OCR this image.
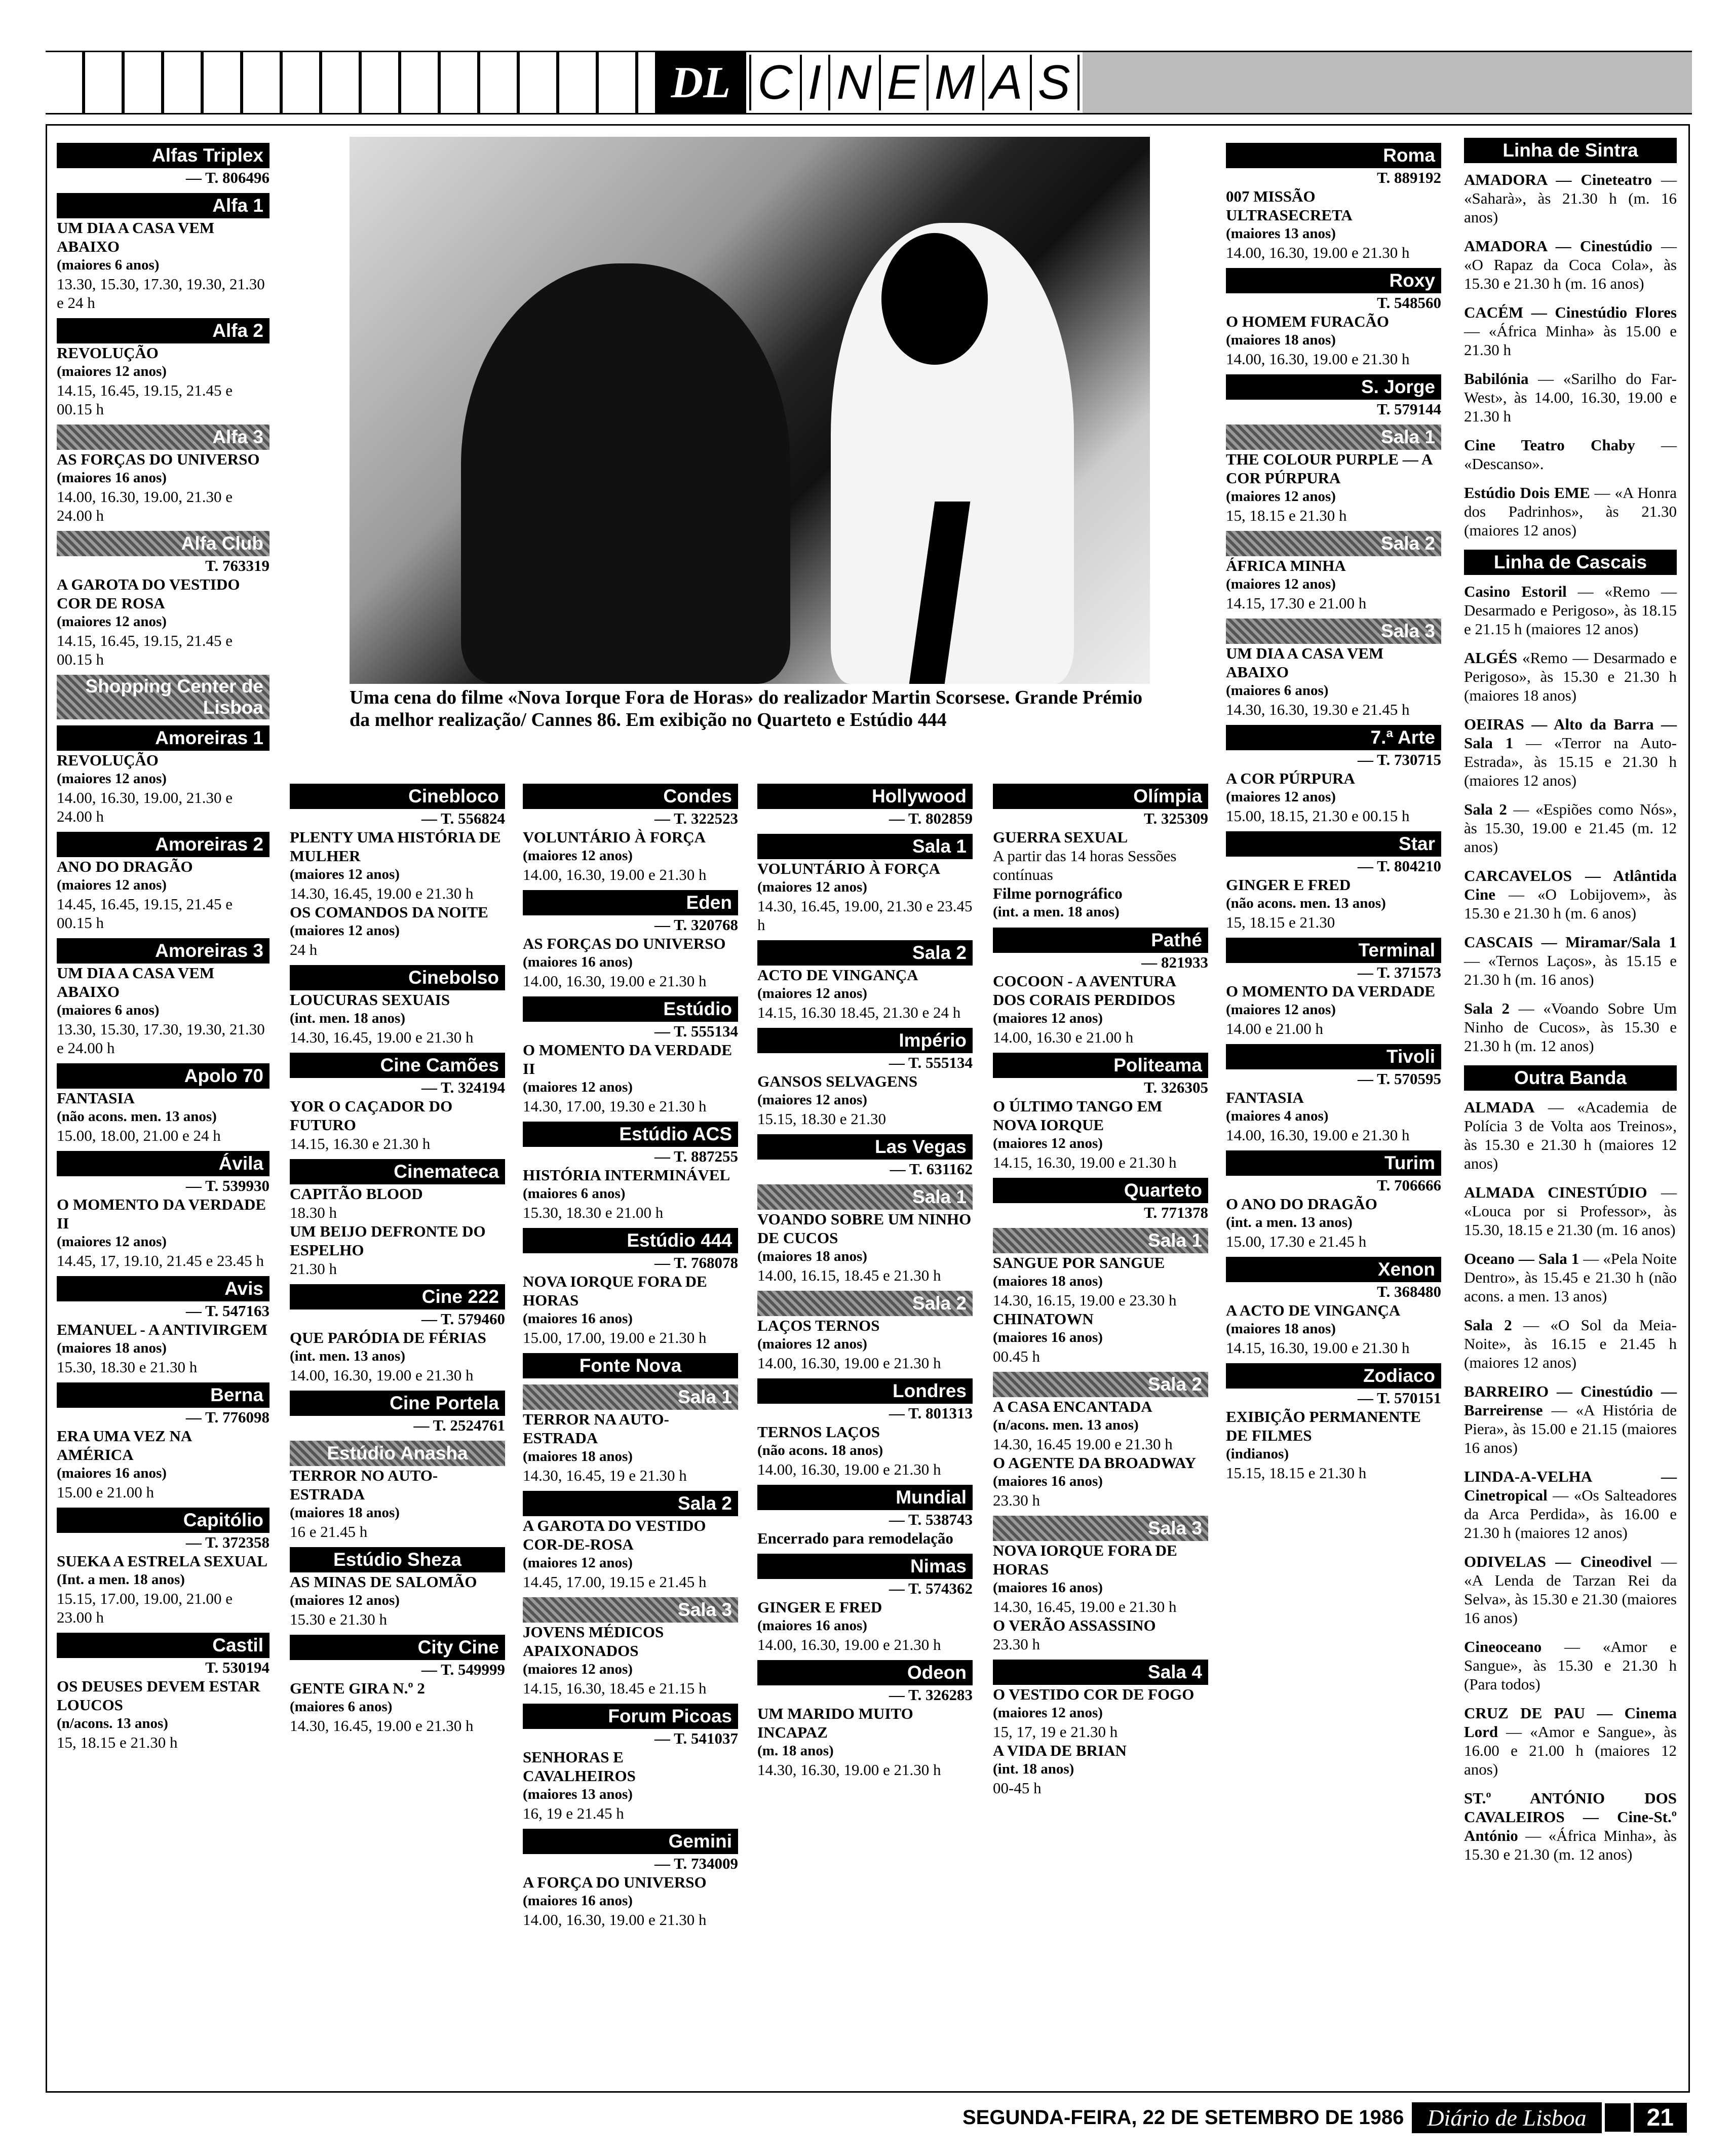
DL C I N E M A S
Uma cena do filme «Nova Iorque Fora de Horas» do realizador Martin Scorsese. Grande Prémio da melhor realização/ Cannes 86. Em exibição no Quarteto e Estúdio 444
Alfas Triplex
— T. 806496
Alfa 1
UM DIA A CASA VEM ABAIXO
(maiores 6 anos)
13.30, 15.30, 17.30, 19.30, 21.30 e 24 h
Alfa 2
REVOLUÇÃO
(maiores 12 anos)
14.15, 16.45, 19.15, 21.45 e 00.15 h
Alfa 3
AS FORÇAS DO UNIVERSO
(maiores 16 anos)
14.00, 16.30, 19.00, 21.30 e 24.00 h
Alfa Club
T. 763319
A GAROTA DO VESTIDO COR DE ROSA
(maiores 12 anos)
14.15, 16.45, 19.15, 21.45 e 00.15 h
Shopping Center de Lisboa
Amoreiras 1
REVOLUÇÃO
(maiores 12 anos)
14.00, 16.30, 19.00, 21.30 e 24.00 h
Amoreiras 2
ANO DO DRAGÃO
(maiores 12 anos)
14.45, 16.45, 19.15, 21.45 e 00.15 h
Amoreiras 3
UM DIA A CASA VEM ABAIXO
(maiores 6 anos)
13.30, 15.30, 17.30, 19.30, 21.30 e 24.00 h
Apolo 70
FANTASIA
(não acons. men. 13 anos)
15.00, 18.00, 21.00 e 24 h
Ávila
— T. 539930
O MOMENTO DA VERDADE II
(maiores 12 anos)
14.45, 17, 19.10, 21.45 e 23.45 h
Avis
— T. 547163
EMANUEL - A ANTIVIRGEM
(maiores 18 anos)
15.30, 18.30 e 21.30 h
Berna
— T. 776098
ERA UMA VEZ NA AMÉRICA
(maiores 16 anos)
15.00 e 21.00 h
Capitólio
— T. 372358
SUEKA A ESTRELA SEXUAL
(Int. a men. 18 anos)
15.15, 17.00, 19.00, 21.00 e 23.00 h
Castil
T. 530194
OS DEUSES DEVEM ESTAR LOUCOS
(n/acons. 13 anos)
15, 18.15 e 21.30 h
Cinebloco
— T. 556824
PLENTY UMA HISTÓRIA DE MULHER
(maiores 12 anos)
14.30, 16.45, 19.00 e 21.30 h
OS COMANDOS DA NOITE
(maiores 12 anos)
24 h
Cinebolso
LOUCURAS SEXUAIS
(int. men. 18 anos)
14.30, 16.45, 19.00 e 21.30 h
Cine Camões
— T. 324194
YOR O CAÇADOR DO FUTURO
14.15, 16.30 e 21.30 h
Cinemateca
CAPITÃO BLOOD
18.30 h
UM BEIJO DEFRONTE DO ESPELHO
21.30 h
Cine 222
— T. 579460
QUE PARÓDIA DE FÉRIAS
(int. men. 13 anos)
14.00, 16.30, 19.00 e 21.30 h
Cine Portela
— T. 2524761
Estúdio Anasha
TERROR NO AUTO-ESTRADA
(maiores 18 anos)
16 e 21.45 h
Estúdio Sheza
AS MINAS DE SALOMÃO
(maiores 12 anos)
15.30 e 21.30 h
City Cine
— T. 549999
GENTE GIRA N.º 2
(maiores 6 anos)
14.30, 16.45, 19.00 e 21.30 h
Condes
— T. 322523
VOLUNTÁRIO À FORÇA
(maiores 12 anos)
14.00, 16.30, 19.00 e 21.30 h
Eden
— T. 320768
AS FORÇAS DO UNIVERSO
(maiores 16 anos)
14.00, 16.30, 19.00 e 21.30 h
Estúdio
— T. 555134
O MOMENTO DA VERDADE II
(maiores 12 anos)
14.30, 17.00, 19.30 e 21.30 h
Estúdio ACS
— T. 887255
HISTÓRIA INTERMINÁVEL
(maiores 6 anos)
15.30, 18.30 e 21.00 h
Estúdio 444
— T. 768078
NOVA IORQUE FORA DE HORAS
(maiores 16 anos)
15.00, 17.00, 19.00 e 21.30 h
Fonte Nova
Sala 1
TERROR NA AUTO-ESTRADA
(maiores 18 anos)
14.30, 16.45, 19 e 21.30 h
Sala 2
A GAROTA DO VESTIDO COR-DE-ROSA
(maiores 12 anos)
14.45, 17.00, 19.15 e 21.45 h
Sala 3
JOVENS MÉDICOS APAIXONADOS
(maiores 12 anos)
14.15, 16.30, 18.45 e 21.15 h
Forum Picoas
— T. 541037
SENHORAS E CAVALHEIROS
(maiores 13 anos)
16, 19 e 21.45 h
Gemini
— T. 734009
A FORÇA DO UNIVERSO
(maiores 16 anos)
14.00, 16.30, 19.00 e 21.30 h
Hollywood
— T. 802859
Sala 1
VOLUNTÁRIO À FORÇA
(maiores 12 anos)
14.30, 16.45, 19.00, 21.30 e 23.45 h
Sala 2
ACTO DE VINGANÇA
(maiores 12 anos)
14.15, 16.30 18.45, 21.30 e 24 h
Império
— T. 555134
GANSOS SELVAGENS
(maiores 12 anos)
15.15, 18.30 e 21.30
Las Vegas
— T. 631162
Sala 1
VOANDO SOBRE UM NINHO DE CUCOS
(maiores 18 anos)
14.00, 16.15, 18.45 e 21.30 h
Sala 2
LAÇOS TERNOS
(maiores 12 anos)
14.00, 16.30, 19.00 e 21.30 h
Londres
— T. 801313
TERNOS LAÇOS
(não acons. 18 anos)
14.00, 16.30, 19.00 e 21.30 h
Mundial
— T. 538743
Encerrado para remodelação
Nimas
— T. 574362
GINGER E FRED
(maiores 16 anos)
14.00, 16.30, 19.00 e 21.30 h
Odeon
— T. 326283
UM MARIDO MUITO INCAPAZ
(m. 18 anos)
14.30, 16.30, 19.00 e 21.30 h
Olímpia
T. 325309
GUERRA SEXUAL
A partir das 14 horas Sessões contínuas
Filme pornográfico
(int. a men. 18 anos)
Pathé
— 821933
COCOON - A AVENTURA DOS CORAIS PERDIDOS
(maiores 12 anos)
14.00, 16.30 e 21.00 h
Politeama
T. 326305
O ÚLTIMO TANGO EM NOVA IORQUE
(maiores 12 anos)
14.15, 16.30, 19.00 e 21.30 h
Quarteto
T. 771378
Sala 1
SANGUE POR SANGUE
(maiores 18 anos)
14.30, 16.15, 19.00 e 23.30 h
CHINATOWN
(maiores 16 anos)
00.45 h
Sala 2
A CASA ENCANTADA
(n/acons. men. 13 anos)
14.30, 16.45 19.00 e 21.30 h
O AGENTE DA BROADWAY
(maiores 16 anos)
23.30 h
Sala 3
NOVA IORQUE FORA DE HORAS
(maiores 16 anos)
14.30, 16.45, 19.00 e 21.30 h
O VERÃO ASSASSINO
23.30 h
Sala 4
O VESTIDO COR DE FOGO
(maiores 12 anos)
15, 17, 19 e 21.30 h
A VIDA DE BRIAN
(int. 18 anos)
00-45 h
Roma
T. 889192
007 MISSÃO ULTRASECRETA
(maiores 13 anos)
14.00, 16.30, 19.00 e 21.30 h
Roxy
T. 548560
O HOMEM FURACÃO
(maiores 18 anos)
14.00, 16.30, 19.00 e 21.30 h
S. Jorge
T. 579144
Sala 1
THE COLOUR PURPLE — A COR PÚRPURA
(maiores 12 anos)
15, 18.15 e 21.30 h
Sala 2
ÁFRICA MINHA
(maiores 12 anos)
14.15, 17.30 e 21.00 h
Sala 3
UM DIA A CASA VEM ABAIXO
(maiores 6 anos)
14.30, 16.30, 19.30 e 21.45 h
7.ª Arte
— T. 730715
A COR PÚRPURA
(maiores 12 anos)
15.00, 18.15, 21.30 e 00.15 h
Star
— T. 804210
GINGER E FRED
(não acons. men. 13 anos)
15, 18.15 e 21.30
Terminal
— T. 371573
O MOMENTO DA VERDADE
(maiores 12 anos)
14.00 e 21.00 h
Tivoli
— T. 570595
FANTASIA
(maiores 4 anos)
14.00, 16.30, 19.00 e 21.30 h
Turim
T. 706666
O ANO DO DRAGÃO
(int. a men. 13 anos)
15.00, 17.30 e 21.45 h
Xenon
T. 368480
A ACTO DE VINGANÇA
(maiores 18 anos)
14.15, 16.30, 19.00 e 21.30 h
Zodiaco
— T. 570151
EXIBIÇÃO PERMANENTE DE FILMES
(indianos)
15.15, 18.15 e 21.30 h
Linha de Sintra

AMADORA — Cineteatro — «Saharà», às 21.30 h (m. 16 anos)

AMADORA — Cinestúdio — «O Rapaz da Coca Cola», às 15.30 e 21.30 h (m. 16 anos)

CACÉM — Cinestúdio Flores — «África Minha» às 15.00 e 21.30 h

Babilónia — «Sarilho do Far-West», às 14.00, 16.30, 19.00 e 21.30 h

Cine Teatro Chaby — «Descanso».

Estúdio Dois EME — «A Honra dos Padrinhos», às 21.30 (maiores 12 anos)

Linha de Cascais

Casino Estoril — «Remo — Desarmado e Perigoso», às 18.15 e 21.15 h (maiores 12 anos)

ALGÉS «Remo — Desarmado e Perigoso», às 15.30 e 21.30 h (maiores 18 anos)

OEIRAS — Alto da Barra — Sala 1 — «Terror na Auto-Estrada», às 15.15 e 21.30 h (maiores 12 anos)

Sala 2 — «Espiões como Nós», às 15.30, 19.00 e 21.45 (m. 12 anos)

CARCAVELOS — Atlântida Cine — «O Lobijovem», às 15.30 e 21.30 h (m. 6 anos)

CASCAIS — Miramar/Sala 1 — «Ternos Laços», às 15.15 e 21.30 h (m. 16 anos)

Sala 2 — «Voando Sobre Um Ninho de Cucos», às 15.30 e 21.30 h (m. 12 anos)

Outra Banda

ALMADA — «Academia de Polícia 3 de Volta aos Treinos», às 15.30 e 21.30 h (maiores 12 anos)

ALMADA CINESTÚDIO — «Louca por si Professor», às 15.30, 18.15 e 21.30 (m. 16 anos)

Oceano — Sala 1 — «Pela Noite Dentro», às 15.45 e 21.30 h (não acons. a men. 13 anos)

Sala 2 — «O Sol da Meia-Noite», às 16.15 e 21.45 h (maiores 12 anos)

BARREIRO — Cinestúdio — Barreirense — «A História de Piera», às 15.00 e 21.15 (maiores 16 anos)

LINDA-A-VELHA — Cinetropical — «Os Salteadores da Arca Perdida», às 16.00 e 21.30 h (maiores 12 anos)

ODIVELAS — Cineodivel — «A Lenda de Tarzan Rei da Selva», às 15.30 e 21.30 (maiores 16 anos)

Cineoceano — «Amor e Sangue», às 15.30 e 21.30 h (Para todos)

CRUZ DE PAU — Cinema Lord — «Amor e Sangue», às 16.00 e 21.00 h (maiores 12 anos)

ST.º ANTÓNIO DOS CAVALEIROS — Cine-St.º António — «África Minha», às 15.30 e 21.30 (m. 12 anos)

SEGUNDA-FEIRA, 22 DE SETEMBRO DE 1986	Diário de Lisboa	21
